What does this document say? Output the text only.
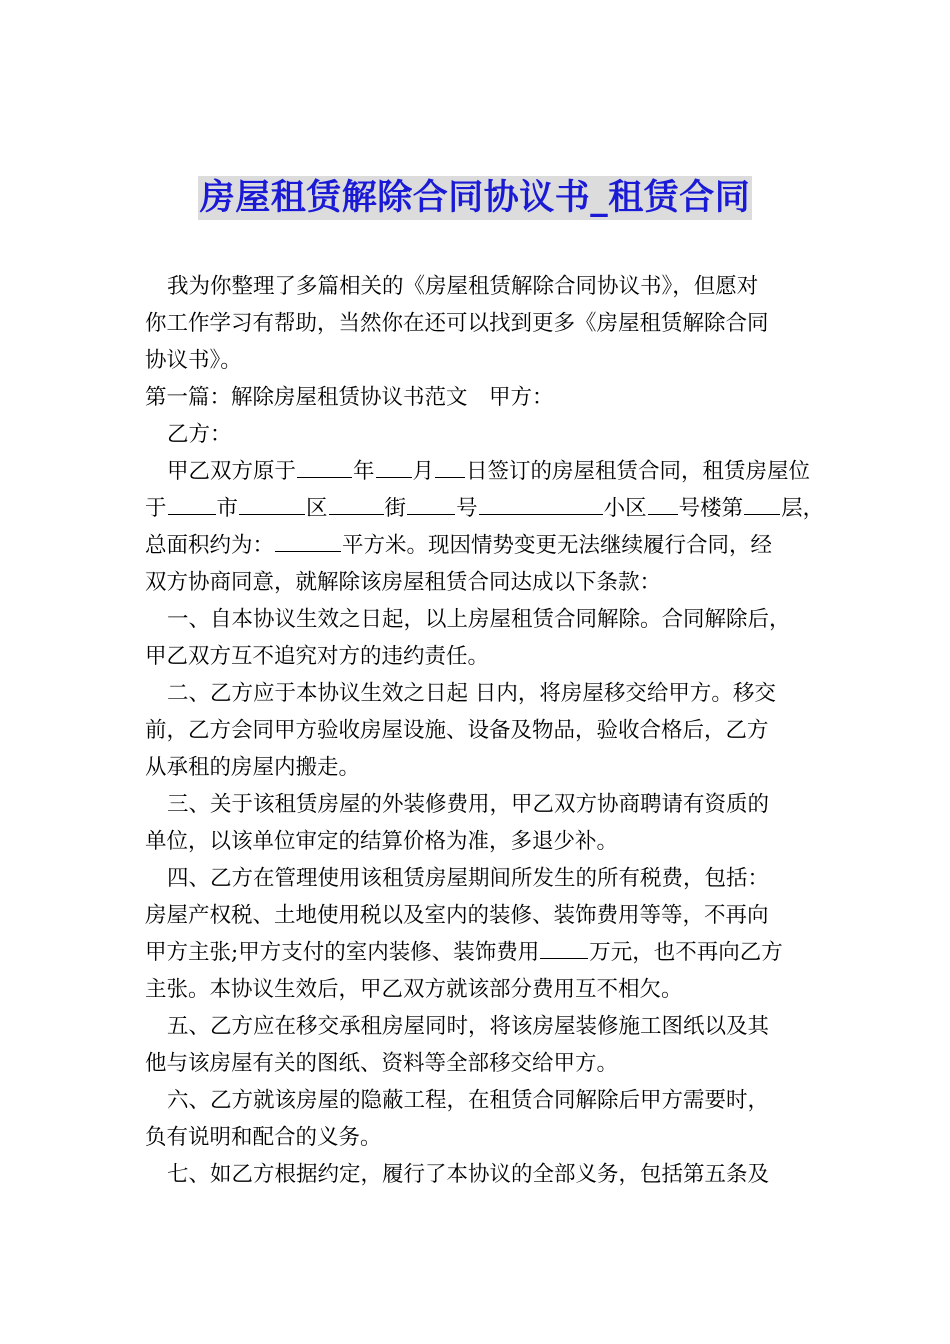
房屋租赁解除合同协议书_租赁合同
我为你整理了多篇相关的《房屋租赁解除合同协议书》，但愿对
你工作学习有帮助，当然你在还可以找到更多《房屋租赁解除合同
协议书》。
第一篇：解除房屋租赁协议书范文　甲方：
乙方：
甲乙双方原于	年 月 日签订的房屋租赁合同，租赁房屋位
于 市	区	街 号	小区 号楼第 层，
总面积约为：	平方米。现因情势变更无法继续履行合同，经
双方协商同意，就解除该房屋租赁合同达成以下条款：
一、自本协议生效之日起，以上房屋租赁合同解除。合同解除后，
甲乙双方互不追究对方的违约责任。
二、乙方应于本协议生效之日起 日内，将房屋移交给甲方。移交
前，乙方会同甲方验收房屋设施、设备及物品，验收合格后，乙方
从承租的房屋内搬走。
三、关于该租赁房屋的外装修费用，甲乙双方协商聘请有资质的
单位，以该单位审定的结算价格为准，多退少补。
四、乙方在管理使用该租赁房屋期间所发生的所有税费，包括：
房屋产权税、土地使用税以及室内的装修、装饰费用等等，不再向
甲方主张;甲方支付的室内装修、装饰费用 万元，也不再向乙方
主张。本协议生效后，甲乙双方就该部分费用互不相欠。
五、乙方应在移交承租房屋同时，将该房屋装修施工图纸以及其
他与该房屋有关的图纸、资料等全部移交给甲方。
六、乙方就该房屋的隐蔽工程，在租赁合同解除后甲方需要时，
负有说明和配合的义务。
七、如乙方根据约定，履行了本协议的全部义务，包括第五条及
